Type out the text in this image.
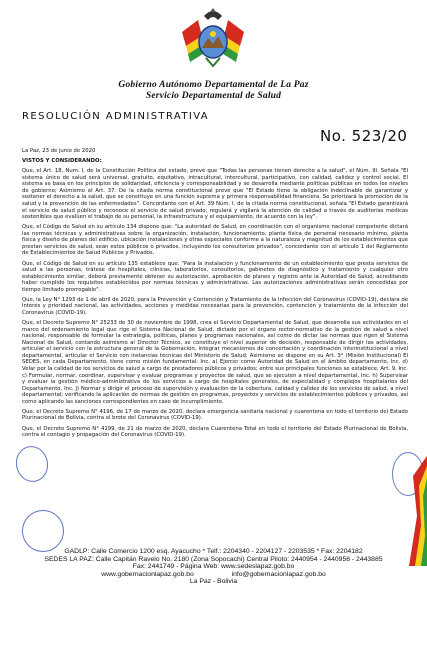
Gobierno Autónomo Departamental de La Paz
Servicio Departamental de Salud
RESOLUCIÓN ADMINISTRATIVA
No. 523/20

La Paz, 23 de junio de 2020

VISTOS Y CONSIDERANDO:

Que, el Art. 18, Num. I, de la Constitución Política del estado, prevé que "Todas las personas tienen derecho a la salud", el Núm. III. Señala "El sistema único de salud será universal, gratuito, equitativo, intracultural, intercultural, participativo, con calidad, calidez y control social. El sistema se basa en los principios de solidaridad, eficiencia y corresponsabilidad y se desarrolla mediante políticas públicas en todos los niveles de gobierno; Asimismo el Art. 37. De la citada norma constitucional prevé que "El Estado tiene la obligación indeclinable de garantizar y sostener el derecho a la salud, que se constituye en una función suprema y primera responsabilidad financiera. Se priorizará la promoción de la salud y la prevención de las enfermedades". Concordante con el Art. 39 Núm. I. de la citada norma constitucional, señala "El Estado garantizará el servicio de salud público y reconoce el servicio de salud privado; regulará y vigilará la atención de calidad a través de auditorías médicas sostenibles que evalúen el trabajo de su personal, la infraestructura y el equipamiento, de acuerdo con la ley".

Que, el Código de Salud en su artículo 134 dispone que: "La autoridad de Salud, en coordinación con el organismo nacional competente dictará las normas técnicas y administrativas sobre la organización, instalación, funcionamiento, planta física de personal necesario mínimo, planta física y diseño de planes del edificio, ubicación instalaciones y otras especiales conforme a la naturaleza y magnitud de los establecimientos que prestan servicios de salud, sean estos públicos o privados, incluyendo los consultorios privados", concordante con el artículo 1 del Reglamento de Establecimientos de Salud Públicos y Privados.

Que, el Código de Salud en su artículo 135 establece que: "Para la instalación y funcionamiento de un establecimiento que presta servicios de salud a las personas, trátese de hospitales, clínicas, laboratorios, consultorios, gabinetes de diagnóstico y tratamiento y cualquier otro establecimiento similar, deberá previamente obtener su autorización, aprobación de planes y registro ante la Autoridad de Salud, acreditando haber cumplido los requisitos establecidos por normas técnicas y administrativas. Las autorizaciones administrativas serán concedidas por tiempo limitado prorrogable".

Que, la Ley N° 1293 de 1 de abril de 2020, para la Prevención y Contención y Tratamiento de la Infección del Coronavirus (COVID-19), declara de interés y prioridad nacional, las actividades, acciones y medidas necesarias para la prevención, contención y tratamiento de la infección del Coronavirus (COVID-19).

Que, el Decreto Supremo N° 25233 de 30 de noviembre de 1998, crea el Servicio Departamental de Salud, que desarrolla sus actividades en el marco del ordenamiento legal que rige el Sistema Nacional de Salud, dictado por el órgano rector-normativo de la gestión de salud a nivel nacional, responsable de formular la estrategia, políticas, planes y programas nacionales, así como de dictar las normas que rigen el Sistema Nacional de Salud, contando asimismo al Director Técnico, se constituye el nivel superior de decisión, responsable de dirigir las actividades, articular el servicio con la estructura general de la Gobernación, integrar mecanismos de concertación y coordinación interinstitucional a nivel departamental, articular el Servicio con instancias técnicas del Ministerio de Salud; Asimismo se dispone en su Art. 3° (Misión Institucional) El SEDES, en cada Departamento, tiene como misión fundamental: Inc. a) Ejercer como Autoridad de Salud en el ámbito departamento, Inc. d) Velar por la calidad de los servicios de salud a cargo de prestadores públicos y privados; entre sus principales funciones se establece, Art. 9, Inc. c) Formular, normar, coordinar, supervisar y evaluar programas y proyectos de salud, que se ejecuten a nivel departamental, Inc. h) Supervisar y evaluar la gestión médico-administrativa de los servicios a cargo de hospitales generales, de especialidad y complejos hospitalarios del Departamento, Inc. j) Normar y dirigir el proceso de supervisión y evaluación de la cobertura, calidad y calidez de los servicios de salud, a nivel departamental; verificando la aplicación de normas de gestión en programas, proyectos y servicios de establecimientos públicos y privados, así como aplicando las sanciones correspondientes en caso de incumplimiento.

Que, el Decreto Supremo N° 4196, de 17 de marzo de 2020, declara emergencia sanitaria nacional y cuarentena en todo el territorio del Estado Plurinacional de Bolivia, contra el brote del Coronavirus (COVID-19).

Que, el Decreto Supremo N° 4199, de 21 de marzo de 2020, declara Cuarentena Total en todo el territorio del Estado Plurinacional de Bolivia, contra el contagio y propagación del Coronavirus (COVID-19).

GADLP: Calle Comercio 1200 esq. Ayacucho * Telf.: 2204340 - 2204127 - 2203535 * Fax: 2204182
SEDES LA PAZ: Calle Capitán Ravelo No. 2180 (Zona Sopocachi) Central Piloto: 2440954 - 2440956 - 2443885
Fax: 2441749 - Página Web: www.sedeslapaz.gob.bo
www.gobernacionlapaz.gob.bo                    info@gobernacionlapaz.gob.bo
La Paz - Bolivia
